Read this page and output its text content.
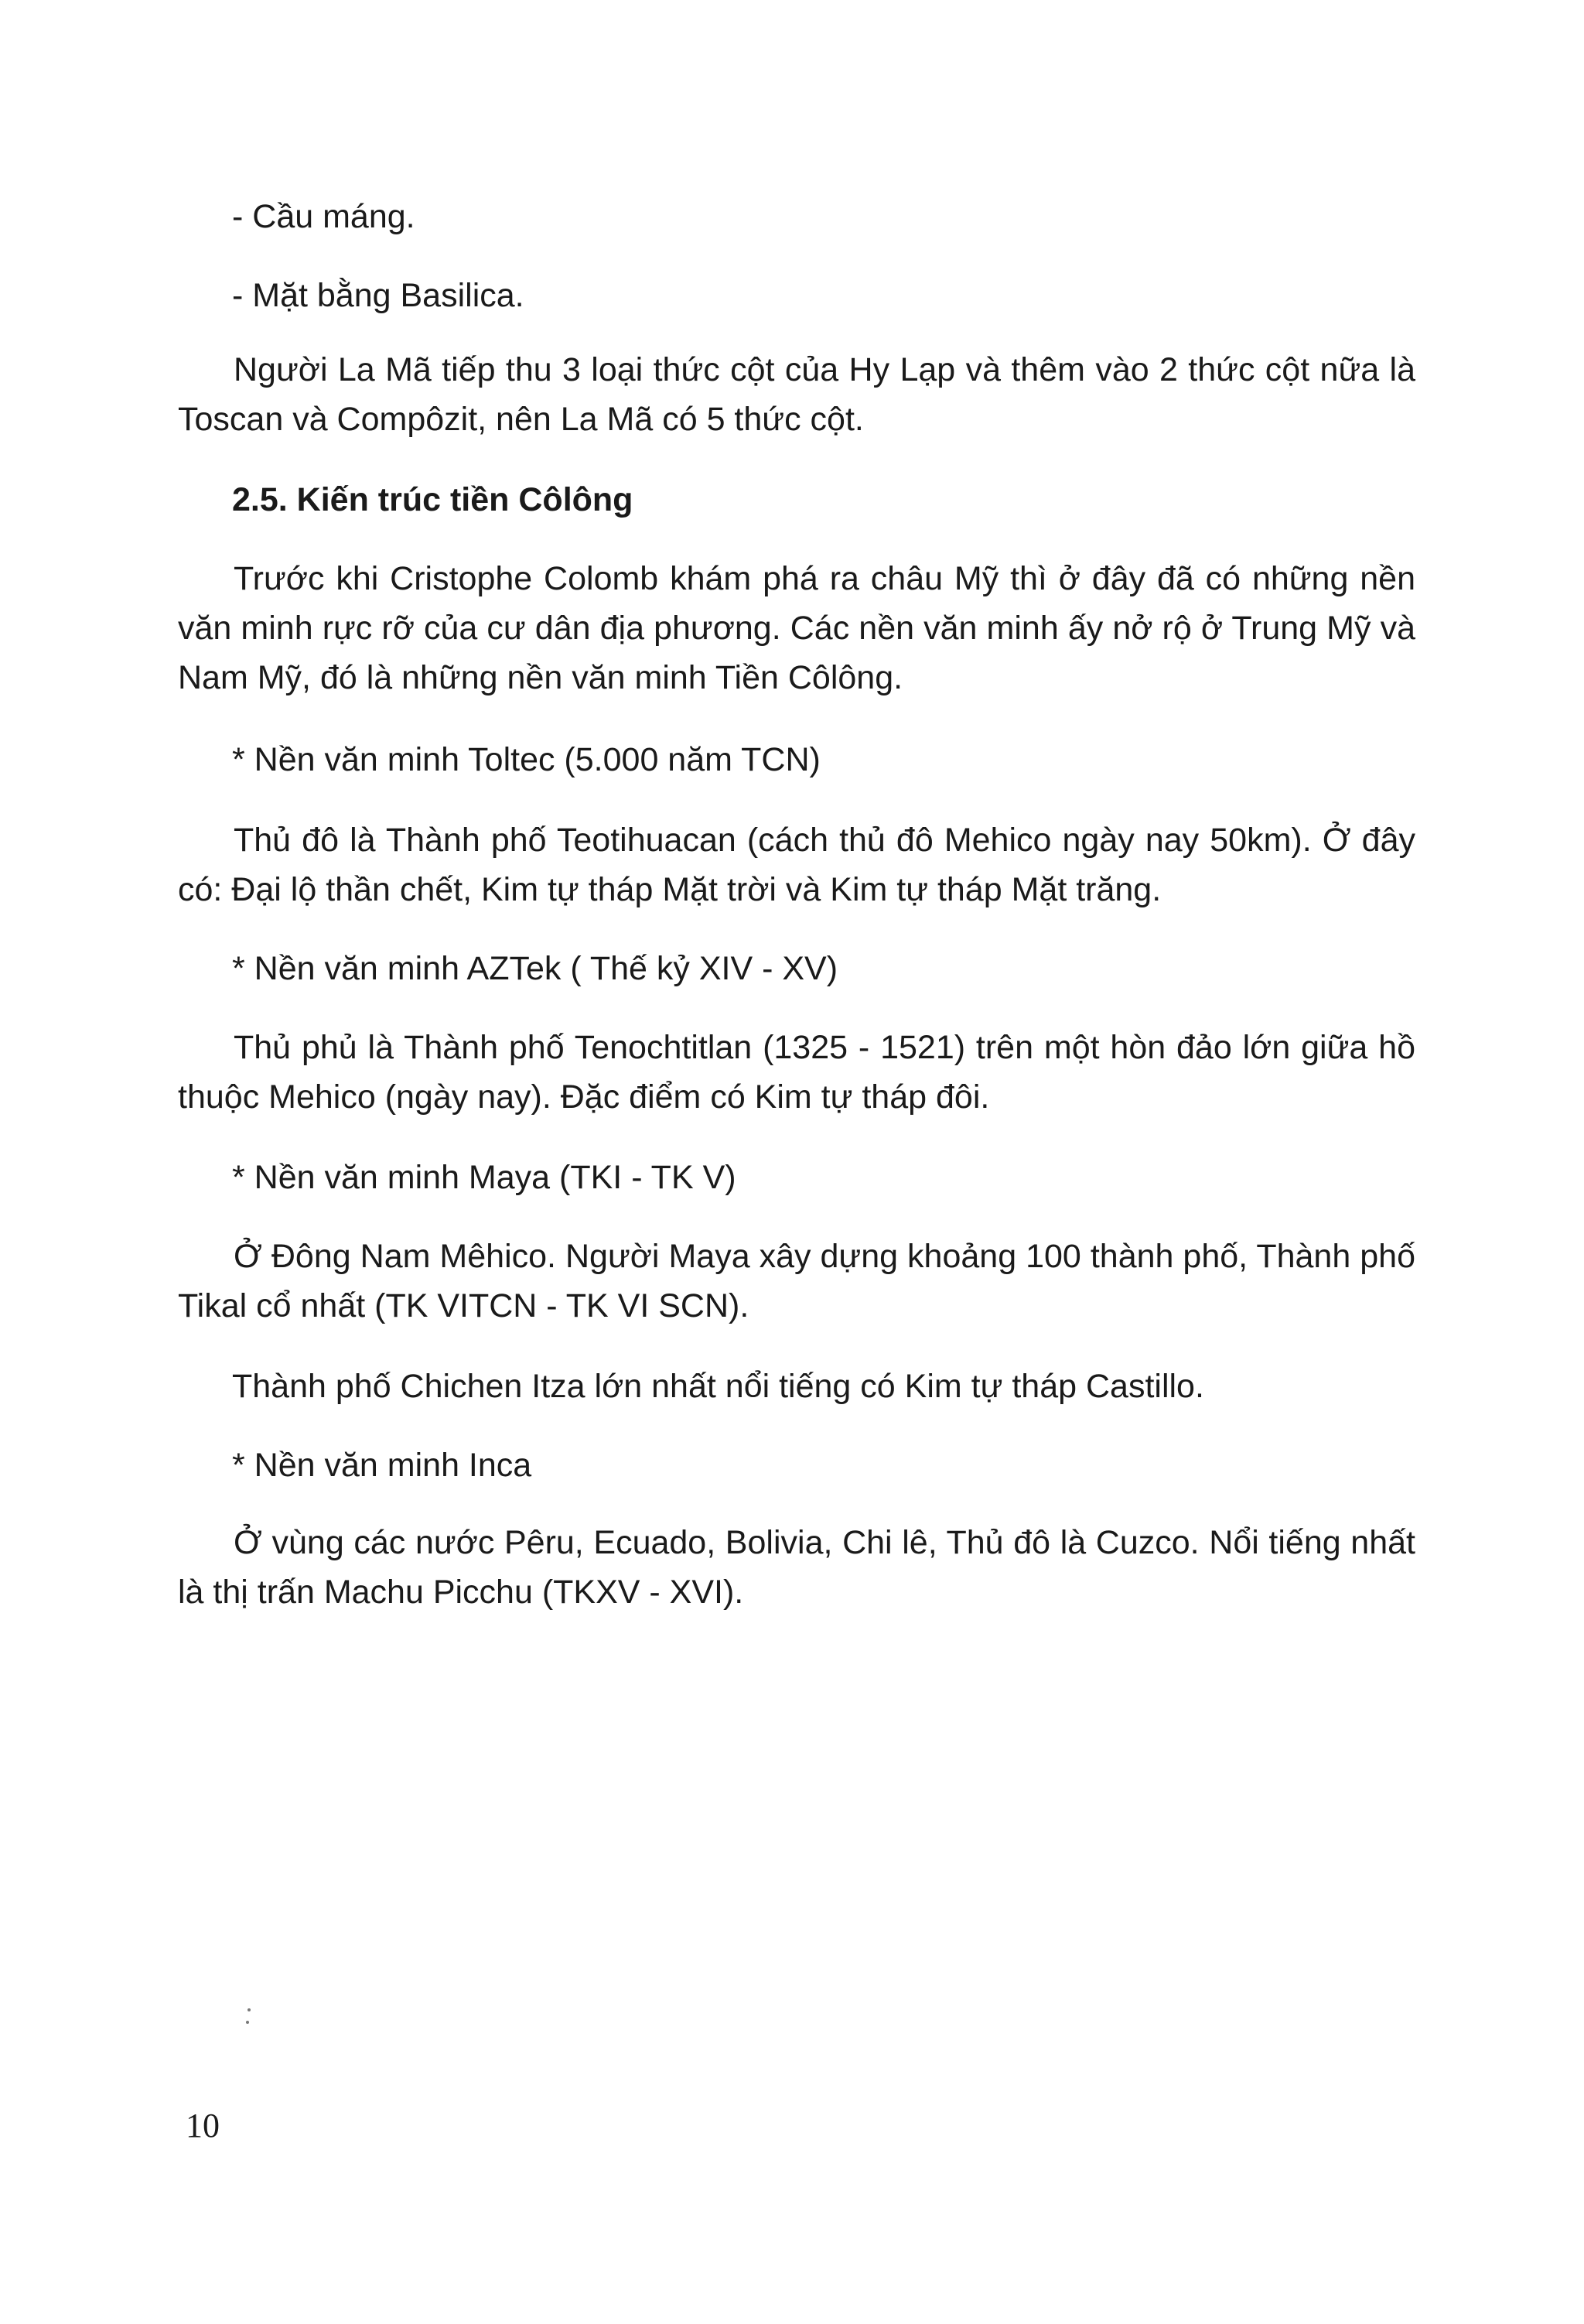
- Cầu máng.

- Mặt bằng Basilica.

Người La Mã tiếp thu 3 loại thức cột của Hy Lạp và thêm vào 2 thức cột nữa là Toscan và Compôzit, nên La Mã có 5 thức cột.

2.5. Kiến trúc tiền Côlông

Trước khi Cristophe Colomb khám phá ra châu Mỹ thì ở đây đã có những nền văn minh rực rỡ của cư dân địa phương. Các nền văn minh ấy nở rộ ở Trung Mỹ và Nam Mỹ, đó là những nền văn minh Tiền Côlông.

* Nền văn minh Toltec (5.000 năm TCN)

Thủ đô là Thành phố Teotihuacan (cách thủ đô Mehico ngày nay 50km). Ở đây có: Đại lộ thần chết, Kim tự tháp Mặt trời và Kim tự tháp Mặt trăng.

* Nền văn minh AZTek ( Thế kỷ XIV - XV)

Thủ phủ là Thành phố Tenochtitlan (1325 - 1521) trên một hòn đảo lớn giữa hồ thuộc Mehico (ngày nay). Đặc điểm có Kim tự tháp đôi.

* Nền văn minh Maya (TKI - TK V)

Ở Đông Nam Mêhico. Người Maya xây dựng khoảng 100 thành phố, Thành phố Tikal cổ nhất (TK VITCN - TK VI SCN).

Thành phố Chichen Itza lớn nhất nổi tiếng có Kim tự tháp Castillo.

* Nền văn minh Inca

Ở vùng các nước Pêru, Ecuado, Bolivia, Chi lê, Thủ đô là Cuzco. Nổi tiếng nhất là thị trấn Machu Picchu (TKXV - XVI).

10
